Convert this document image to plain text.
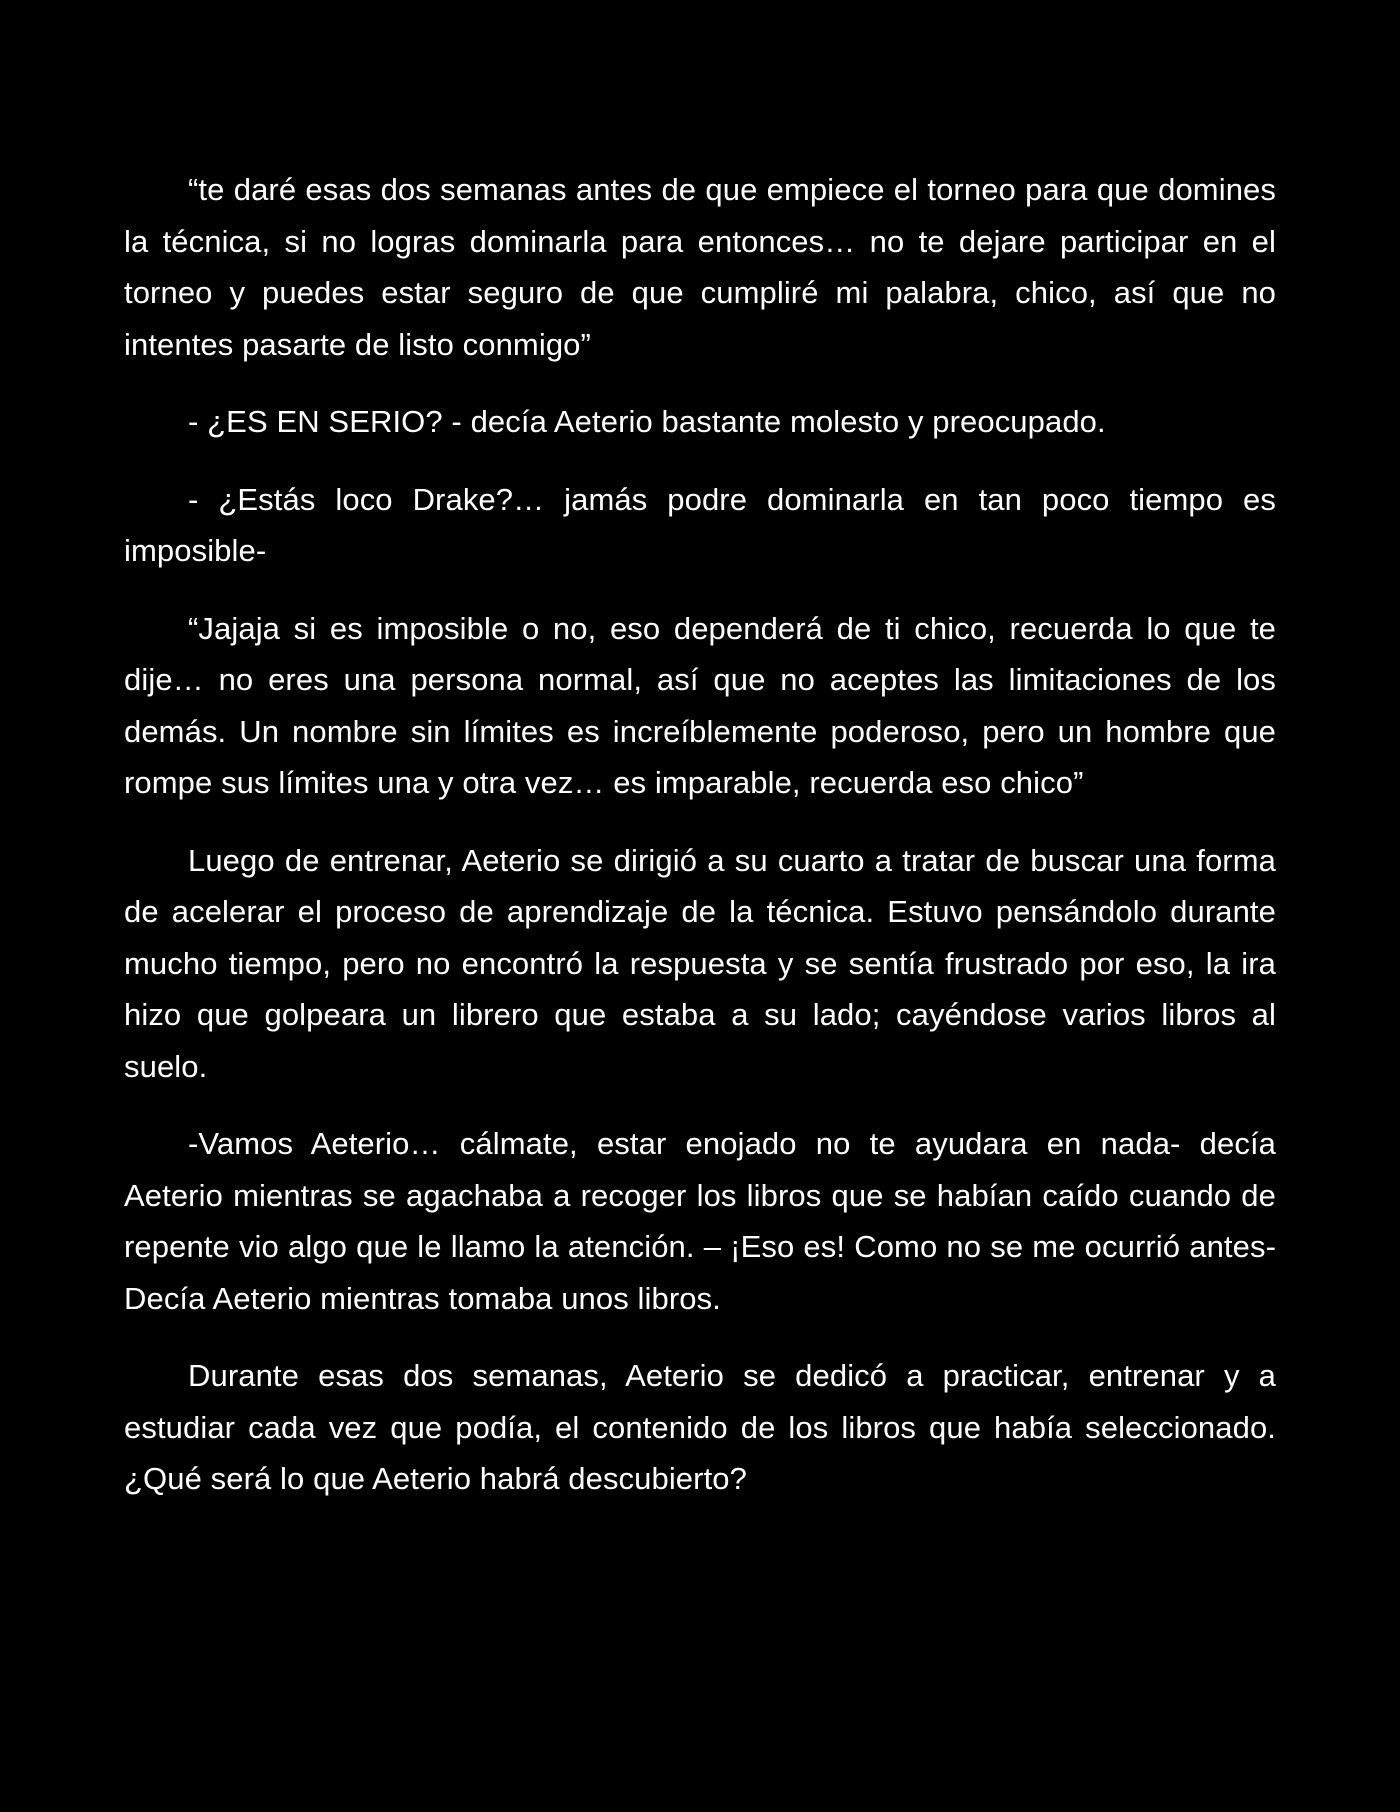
“te daré esas dos semanas antes de que empiece el torneo para que domines la técnica, si no logras dominarla para entonces… no te dejare participar en el torneo y puedes estar seguro de que cumpliré mi palabra, chico, así que no intentes pasarte de listo conmigo”

- ¿ES EN SERIO? - decía Aeterio bastante molesto y preocupado.

- ¿Estás loco Drake?… jamás podre dominarla en tan poco tiempo es imposible-

“Jajaja si es imposible o no, eso dependerá de ti chico, recuerda lo que te dije… no eres una persona normal, así que no aceptes las limitaciones de los demás. Un nombre sin límites es increíblemente poderoso, pero un hombre que rompe sus límites una y otra vez… es imparable, recuerda eso chico”

Luego de entrenar, Aeterio se dirigió a su cuarto a tratar de buscar una forma de acelerar el proceso de aprendizaje de la técnica. Estuvo pensándolo durante mucho tiempo, pero no encontró la respuesta y se sentía frustrado por eso, la ira hizo que golpeara un librero que estaba a su lado; cayéndose varios libros al suelo.

-Vamos Aeterio… cálmate, estar enojado no te ayudara en nada- decía Aeterio mientras se agachaba a recoger los libros que se habían caído cuando de repente vio algo que le llamo la atención. – ¡Eso es! Como no se me ocurrió antes- Decía Aeterio mientras tomaba unos libros.

Durante esas dos semanas, Aeterio se dedicó a practicar, entrenar y a estudiar cada vez que podía, el contenido de los libros que había seleccionado. ¿Qué será lo que Aeterio habrá descubierto?
